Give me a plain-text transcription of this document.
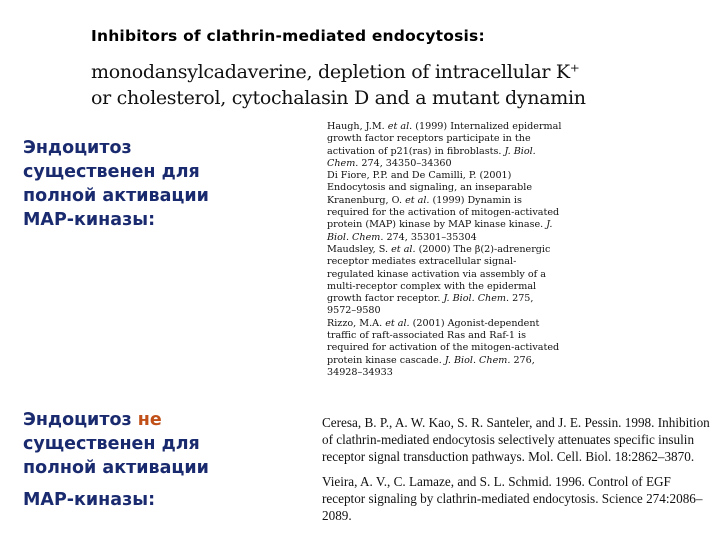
Inhibitors of clathrin-mediated endocytosis:
monodansylcadaverine, depletion of intracellular K⁺
or cholesterol, cytochalasin D and a mutant dynamin
Эндоцитоз
существенен для
полной активации
МАР-киназы:
Haugh, J.M. et al. (1999) Internalized epidermal growth factor receptors participate in the activation of p21(ras) in fibroblasts. J. Biol. Chem. 274, 34350–34360
Di Fiore, P.P. and De Camilli, P. (2001) Endocytosis and signaling, an inseparable
Kranenburg, O. et al. (1999) Dynamin is required for the activation of mitogen-activated protein (MAP) kinase by MAP kinase kinase. J. Biol. Chem. 274, 35301–35304
Maudsley, S. et al. (2000) The β(2)-adrenergic receptor mediates extracellular signal-regulated kinase activation via assembly of a multi-receptor complex with the epidermal growth factor receptor. J. Biol. Chem. 275, 9572–9580
Rizzo, M.A. et al. (2001) Agonist-dependent traffic of raft-associated Ras and Raf-1 is required for activation of the mitogen-activated protein kinase cascade. J. Biol. Chem. 276, 34928–34933
Эндоцитоз не
существенен для
полной активации
МАР-киназы:
Ceresa, B. P., A. W. Kao, S. R. Santeler, and J. E. Pessin. 1998. Inhibition of clathrin-mediated endocytosis selectively attenuates specific insulin receptor signal transduction pathways. Mol. Cell. Biol. 18:2862–3870.
Vieira, A. V., C. Lamaze, and S. L. Schmid. 1996. Control of EGF receptor signaling by clathrin-mediated endocytosis. Science 274:2086–2089.
